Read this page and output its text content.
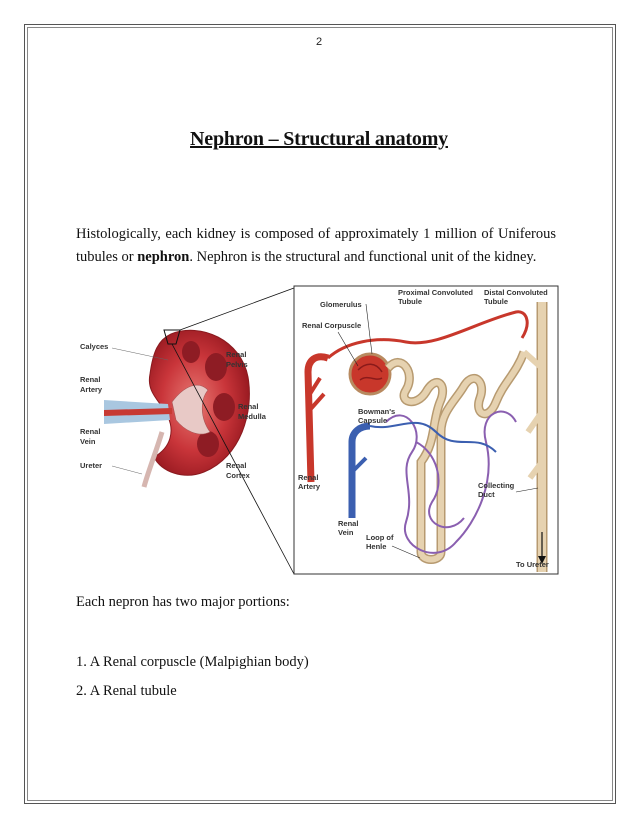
2
Nephron – Structural anatomy
Histologically, each kidney is composed of approximately 1 million of Uniferous tubules or nephron. Nephron is the structural and functional unit of the kidney.
Calyces
Renal
Artery
Renal
Vein
Ureter
Renal
Pelvis
Renal
Medulla
Renal
Cortex
Glomerulus
Renal Corpuscle
Proximal Convoluted
Tubule
Distal Convoluted
Tubule
Bowman's
Capsule
Renal
Artery
Renal
Vein
Loop of
Henle
Collecting
Duct
To Ureter
Each nepron has two major portions:
1. A Renal corpuscle (Malpighian body)
2. A Renal tubule
